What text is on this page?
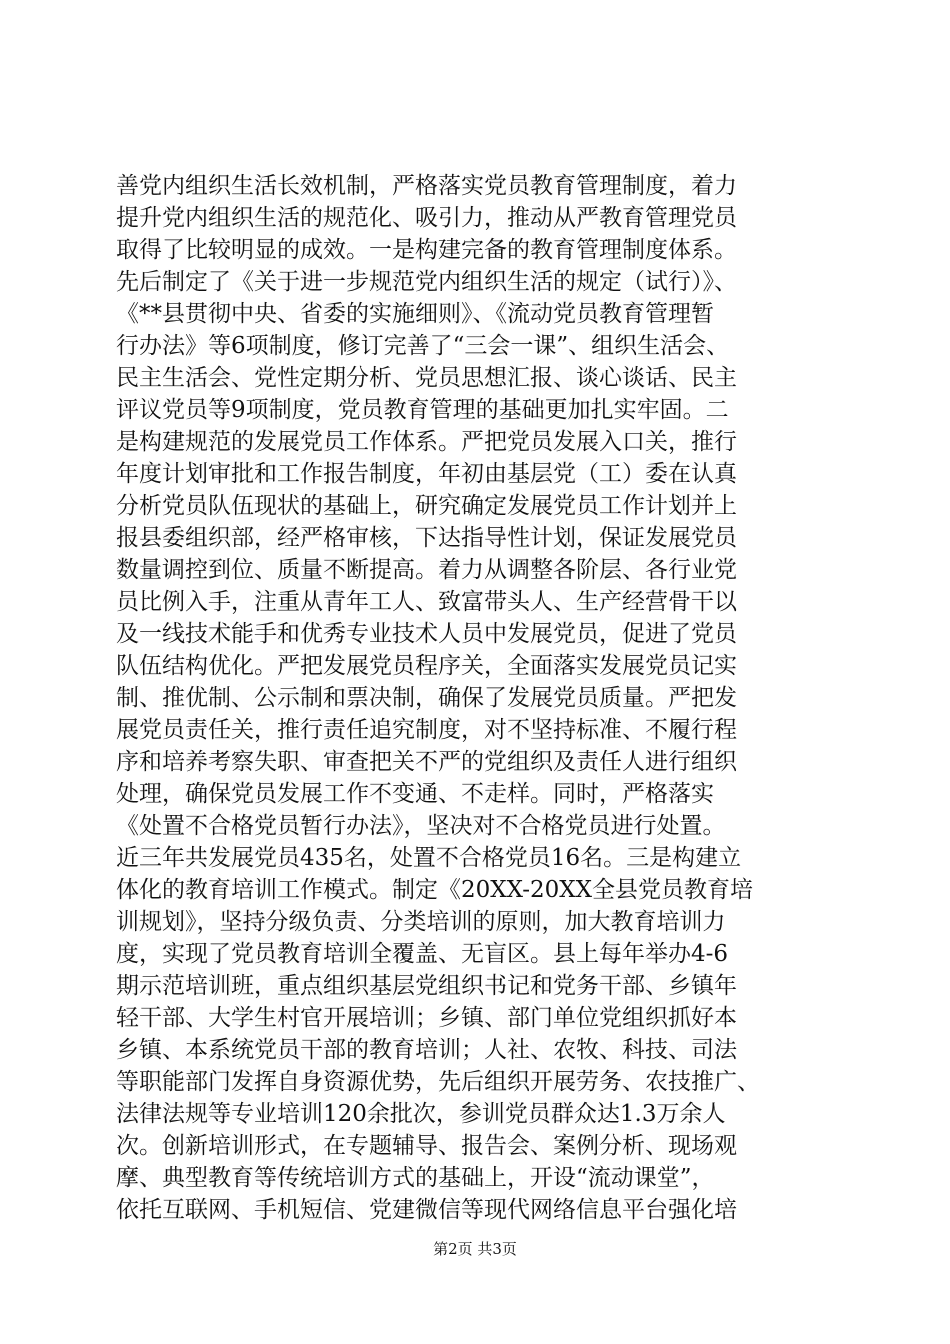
善党内组织生活长效机制，严格落实党员教育管理制度，着力
提升党内组织生活的规范化、吸引力，推动从严教育管理党员
取得了比较明显的成效。一是构建完备的教育管理制度体系。
先后制定了《关于进一步规范党内组织生活的规定（试行）》、
《**县贯彻中央、省委的实施细则》、《流动党员教育管理暂
行办法》等6项制度，修订完善了“三会一课”、组织生活会、
民主生活会、党性定期分析、党员思想汇报、谈心谈话、民主
评议党员等9项制度，党员教育管理的基础更加扎实牢固。二
是构建规范的发展党员工作体系。严把党员发展入口关，推行
年度计划审批和工作报告制度，年初由基层党（工）委在认真
分析党员队伍现状的基础上，研究确定发展党员工作计划并上
报县委组织部，经严格审核，下达指导性计划，保证发展党员
数量调控到位、质量不断提高。着力从调整各阶层、各行业党
员比例入手，注重从青年工人、致富带头人、生产经营骨干以
及一线技术能手和优秀专业技术人员中发展党员，促进了党员
队伍结构优化。严把发展党员程序关，全面落实发展党员记实
制、推优制、公示制和票决制，确保了发展党员质量。严把发
展党员责任关，推行责任追究制度，对不坚持标准、不履行程
序和培养考察失职、审查把关不严的党组织及责任人进行组织
处理，确保党员发展工作不变通、不走样。同时，严格落实
《处置不合格党员暂行办法》，坚决对不合格党员进行处置。
近三年共发展党员435名，处置不合格党员16名。三是构建立
体化的教育培训工作模式。制定《20XX-20XX全县党员教育培
训规划》，坚持分级负责、分类培训的原则，加大教育培训力
度，实现了党员教育培训全覆盖、无盲区。县上每年举办4-6
期示范培训班，重点组织基层党组织书记和党务干部、乡镇年
轻干部、大学生村官开展培训；乡镇、部门单位党组织抓好本
乡镇、本系统党员干部的教育培训；人社、农牧、科技、司法
等职能部门发挥自身资源优势，先后组织开展劳务、农技推广、
法律法规等专业培训120余批次，参训党员群众达1.3万余人
次。创新培训形式，在专题辅导、报告会、案例分析、现场观
摩、典型教育等传统培训方式的基础上，开设“流动课堂”，
依托互联网、手机短信、党建微信等现代网络信息平台强化培
第2页 共3页
